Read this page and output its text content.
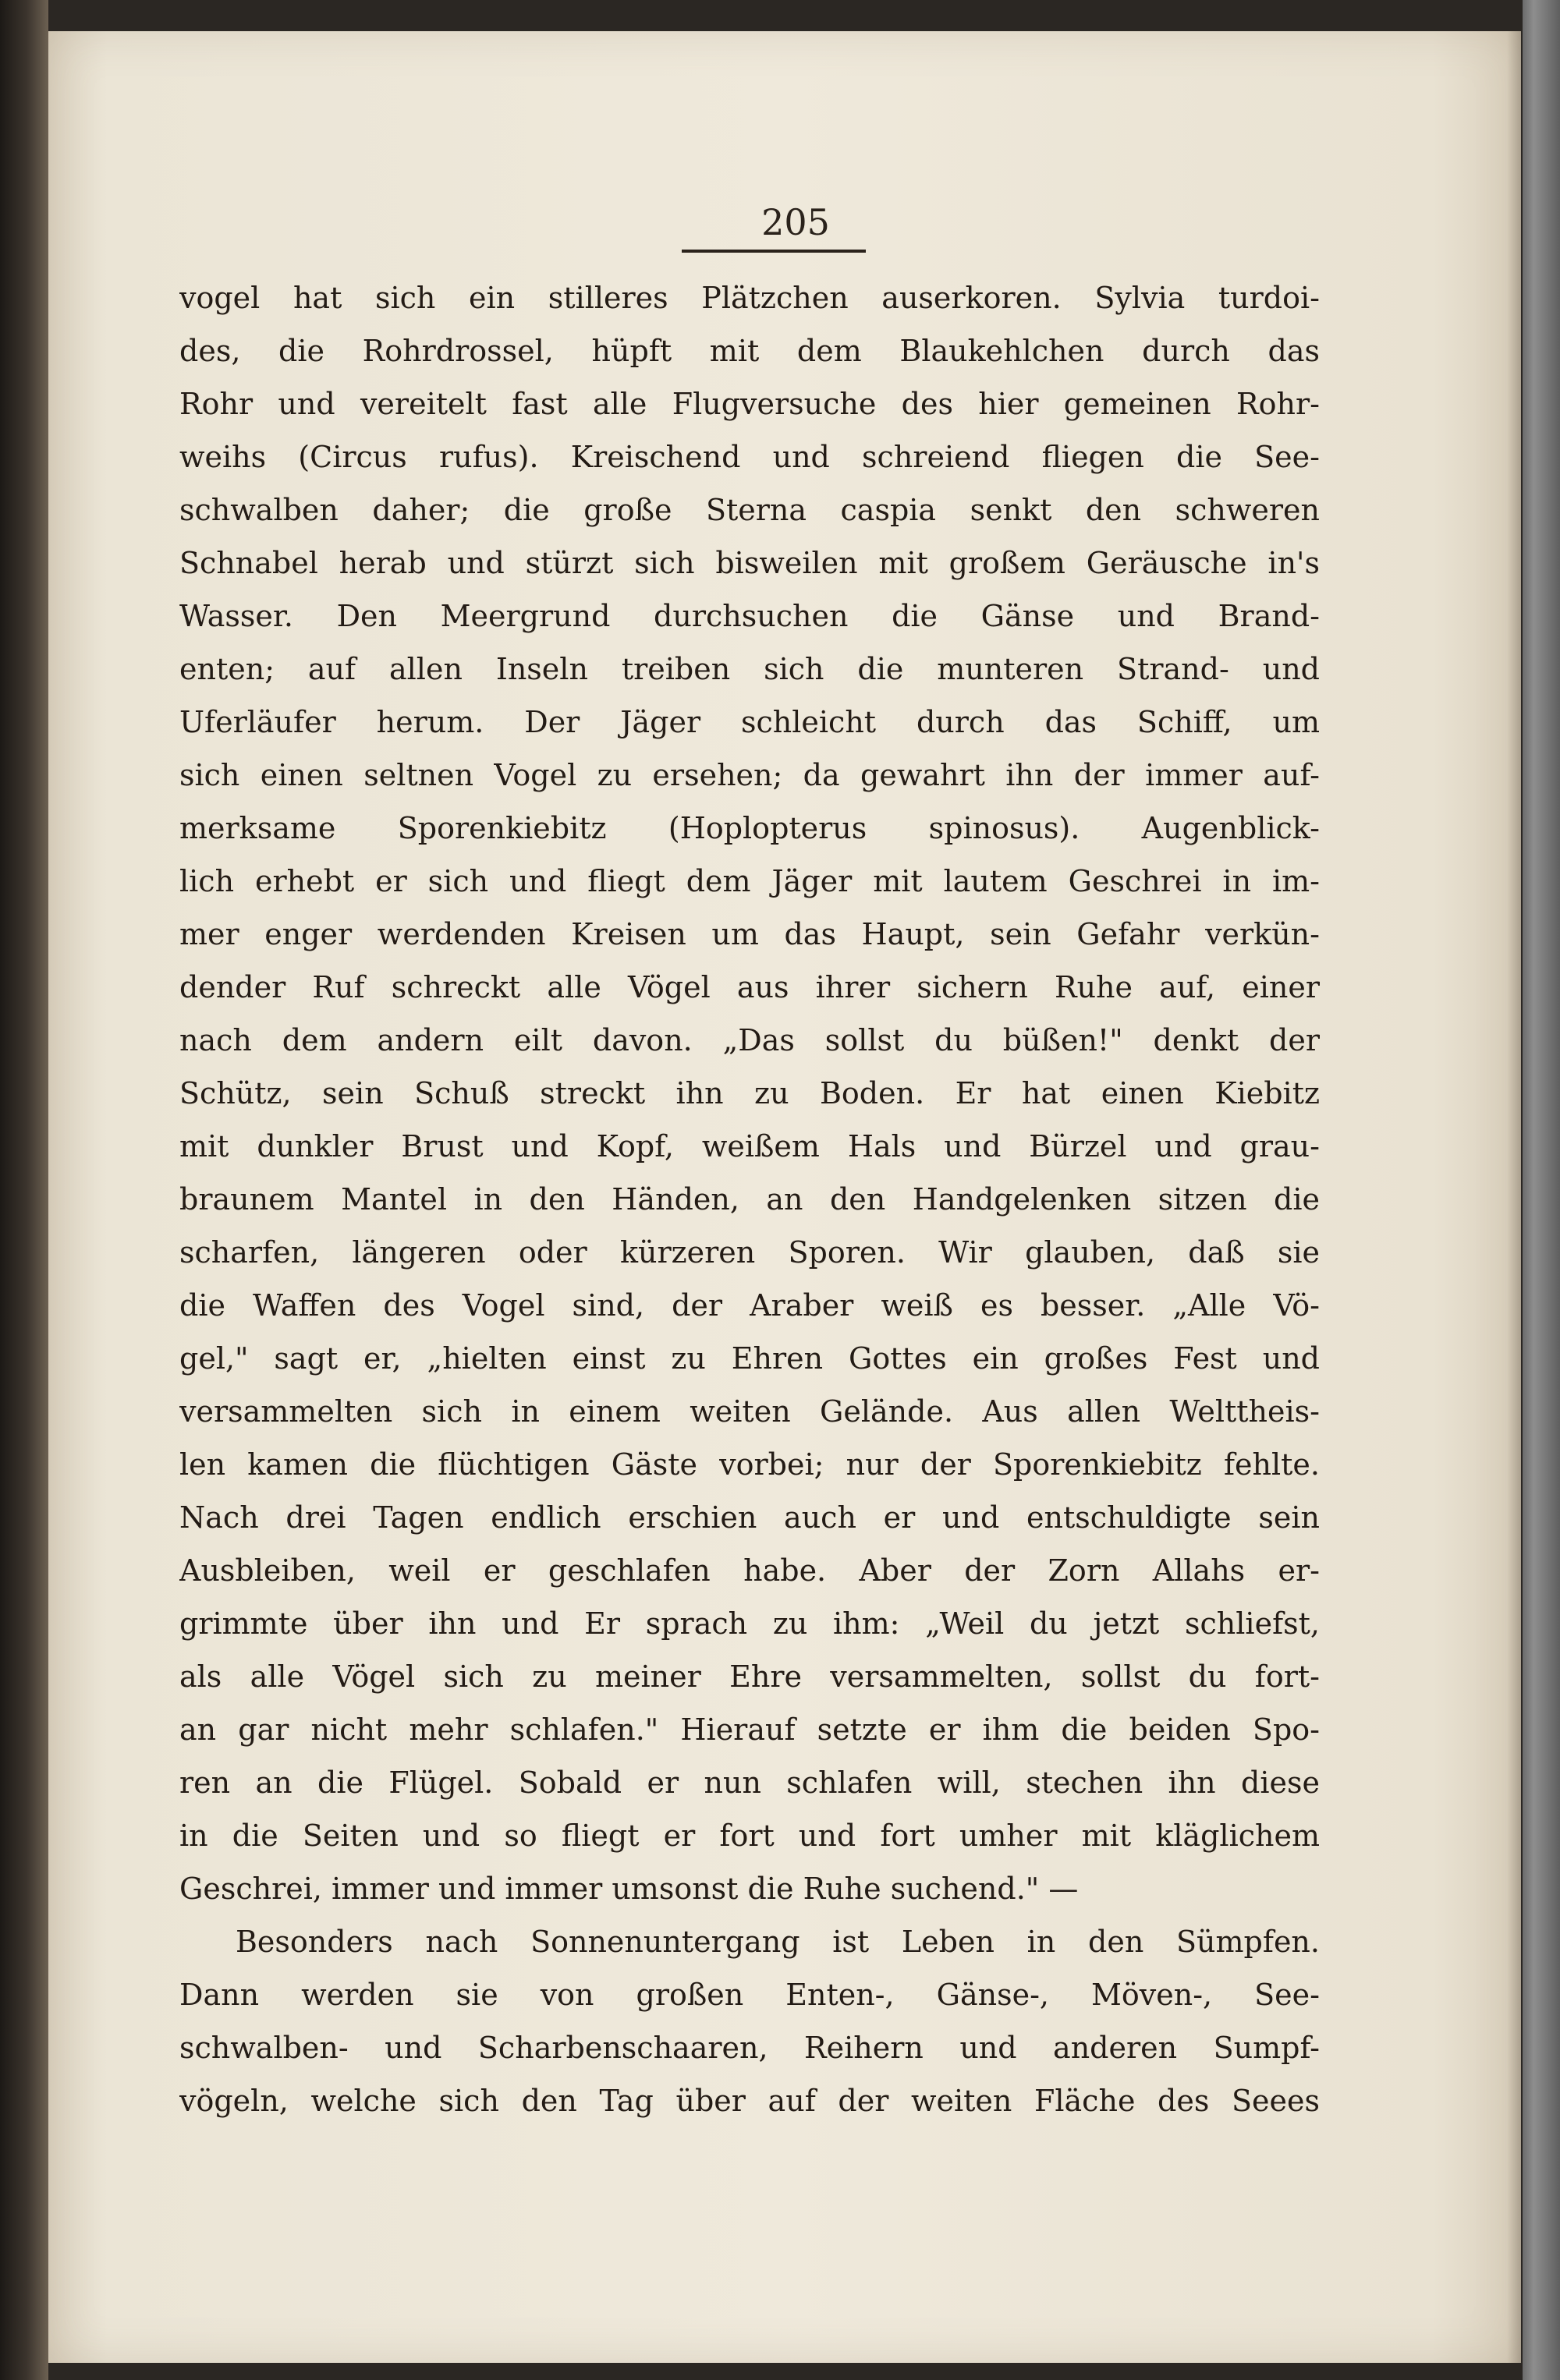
205
vogel hat sich ein stilleres Plätzchen auserkoren. Sylvia turdoi-
des, die Rohrdrossel, hüpft mit dem Blaukehlchen durch das
Rohr und vereitelt fast alle Flugversuche des hier gemeinen Rohr-
weihs (Circus rufus). Kreischend und schreiend fliegen die See-
schwalben daher; die große Sterna caspia senkt den schweren
Schnabel herab und stürzt sich bisweilen mit großem Geräusche in's
Wasser. Den Meergrund durchsuchen die Gänse und Brand-
enten; auf allen Inseln treiben sich die munteren Strand- und
Uferläufer herum. Der Jäger schleicht durch das Schiff, um
sich einen seltnen Vogel zu ersehen; da gewahrt ihn der immer auf-
merksame Sporenkiebitz (Hoplopterus spinosus). Augenblick-
lich erhebt er sich und fliegt dem Jäger mit lautem Geschrei in im-
mer enger werdenden Kreisen um das Haupt, sein Gefahr verkün-
dender Ruf schreckt alle Vögel aus ihrer sichern Ruhe auf, einer
nach dem andern eilt davon. „Das sollst du büßen!" denkt der
Schütz, sein Schuß streckt ihn zu Boden. Er hat einen Kiebitz
mit dunkler Brust und Kopf, weißem Hals und Bürzel und grau-
braunem Mantel in den Händen, an den Handgelenken sitzen die
scharfen, längeren oder kürzeren Sporen. Wir glauben, daß sie
die Waffen des Vogel sind, der Araber weiß es besser. „Alle Vö-
gel," sagt er, „hielten einst zu Ehren Gottes ein großes Fest und
versammelten sich in einem weiten Gelände. Aus allen Welttheis-
len kamen die flüchtigen Gäste vorbei; nur der Sporenkiebitz fehlte.
Nach drei Tagen endlich erschien auch er und entschuldigte sein
Ausbleiben, weil er geschlafen habe. Aber der Zorn Allahs er-
grimmte über ihn und Er sprach zu ihm: „Weil du jetzt schliefst,
als alle Vögel sich zu meiner Ehre versammelten, sollst du fort-
an gar nicht mehr schlafen." Hierauf setzte er ihm die beiden Spo-
ren an die Flügel. Sobald er nun schlafen will, stechen ihn diese
in die Seiten und so fliegt er fort und fort umher mit kläglichem
Geschrei, immer und immer umsonst die Ruhe suchend." —
Besonders nach Sonnenuntergang ist Leben in den Sümpfen.
Dann werden sie von großen Enten-, Gänse-, Möven-, See-
schwalben- und Scharbenschaaren, Reihern und anderen Sumpf-
vögeln, welche sich den Tag über auf der weiten Fläche des Seees
